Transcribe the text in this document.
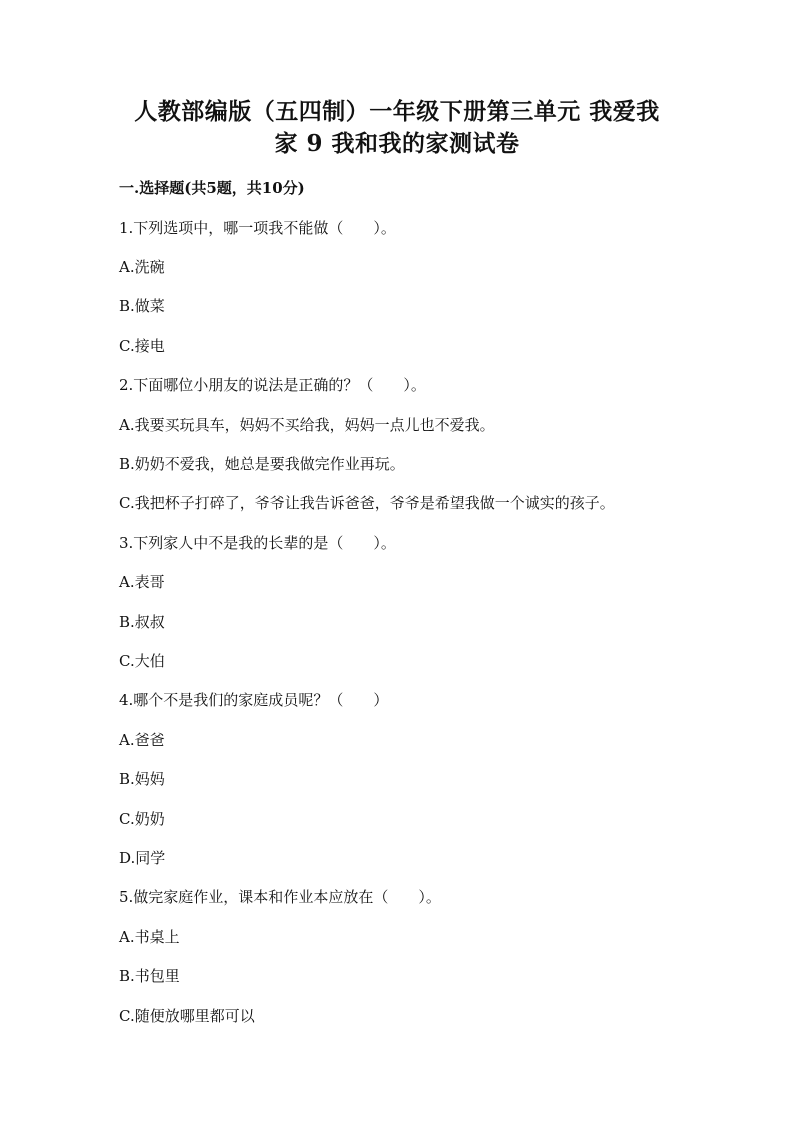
人教部编版（五四制）一年级下册第三单元 我爱我
家 9 我和我的家测试卷
一.选择题(共5题，共10分)
1.下列选项中，哪一项我不能做（　　）。
A.洗碗
B.做菜
C.接电
2.下面哪位小朋友的说法是正确的？（　　）。
A.我要买玩具车，妈妈不买给我，妈妈一点儿也不爱我。
B.奶奶不爱我，她总是要我做完作业再玩。
C.我把杯子打碎了，爷爷让我告诉爸爸，爷爷是希望我做一个诚实的孩子。
3.下列家人中不是我的长辈的是（　　）。
A.表哥
B.叔叔
C.大伯
4.哪个不是我们的家庭成员呢？（　　）
A.爸爸
B.妈妈
C.奶奶
D.同学
5.做完家庭作业，课本和作业本应放在（　　）。
A.书桌上
B.书包里
C.随便放哪里都可以
